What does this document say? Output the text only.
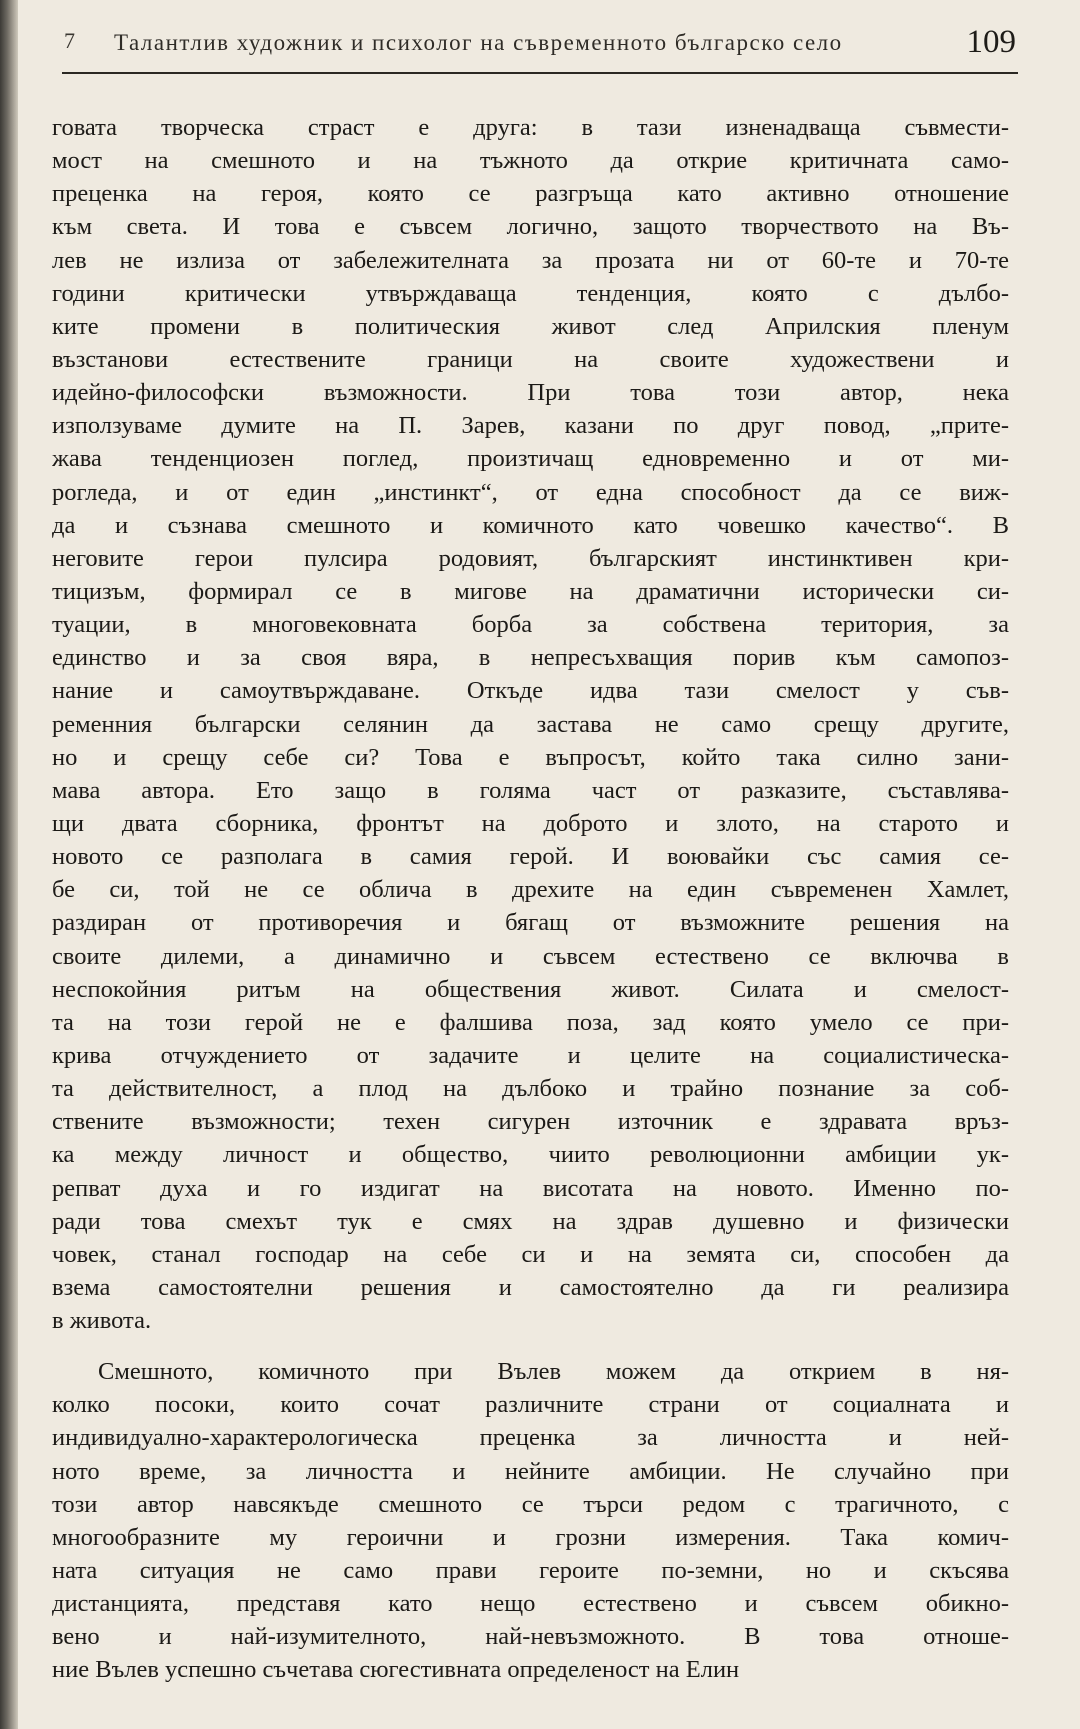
7 Талантлив художник и психолог на съвременното българско село	109
говата творческа страст е друга: в тази изненадваща съвмести-
мост на смешното и на тъжното да открие критичната само-
преценка на героя, която се разгръща като активно отношение
към света. И това е съвсем логично, защото творчеството на Въ-
лев не излиза от забележителната за прозата ни от 60-те и 70-те
години критически утвърждаваща тенденция, която с дълбо-
ките промени в политическия живот след Априлския пленум
възстанови естествените граници на своите художествени и
идейно-философски възможности. При това този автор, нека
използуваме думите на П. Зарев, казани по друг повод, „прите-
жава тенденциозен поглед, произтичащ едновременно и от ми-
рогледа, и от един „инстинкт“, от една способност да се виж-
да и съзнава смешното и комичното като човешко качество“. В
неговите герои пулсира родовият, българският инстинктивен кри-
тицизъм, формирал се в мигове на драматични исторически си-
туации, в многовековната борба за собствена територия, за
единство и за своя вяра, в непресъхващия порив към самопоз-
нание и самоутвърждаване. Откъде идва тази смелост у съв-
ременния български селянин да застава не само срещу другите,
но и срещу себе си? Това е въпросът, който така силно зани-
мава автора. Ето защо в голяма част от разказите, съставлява-
щи двата сборника, фронтът на доброто и злото, на старото и
новото се разполага в самия герой. И воювайки със самия се-
бе си, той не се облича в дрехите на един съвременен Хамлет,
раздиран от противоречия и бягащ от възможните решения на
своите дилеми, а динамично и съвсем естествено се включва в
неспокойния ритъм на обществения живот. Силата и смелост-
та на този герой не е фалшива поза, зад която умело се при-
крива отчуждението от задачите и целите на социалистическа-
та действителност, а плод на дълбоко и трайно познание за соб-
ствените възможности; техен сигурен източник е здравата връз-
ка между личност и общество, чиито революционни амбиции ук-
репват духа и го издигат на висотата на новото. Именно по-
ради това смехът тук е смях на здрав душевно и физически
човек, станал господар на себе си и на земята си, способен да
взема самостоятелни решения и самостоятелно да ги реализира
в живота.
Смешното, комичното при Вълев можем да открием в ня-
колко посоки, които сочат различните страни от социалната и
индивидуално-характерологическа преценка за личността и ней-
ното време, за личността и нейните амбиции. Не случайно при
този автор навсякъде смешното се търси редом с трагичното, с
многообразните му героични и грозни измерения. Така комич-
ната ситуация не само прави героите по-земни, но и скъсява
дистанцията, представя като нещо естествено и съвсем обикно-
вено и най-изумителното, най-невъзможното. В това отноше-
ние Вълев успешно съчетава сюгестивната определеност на Елин
